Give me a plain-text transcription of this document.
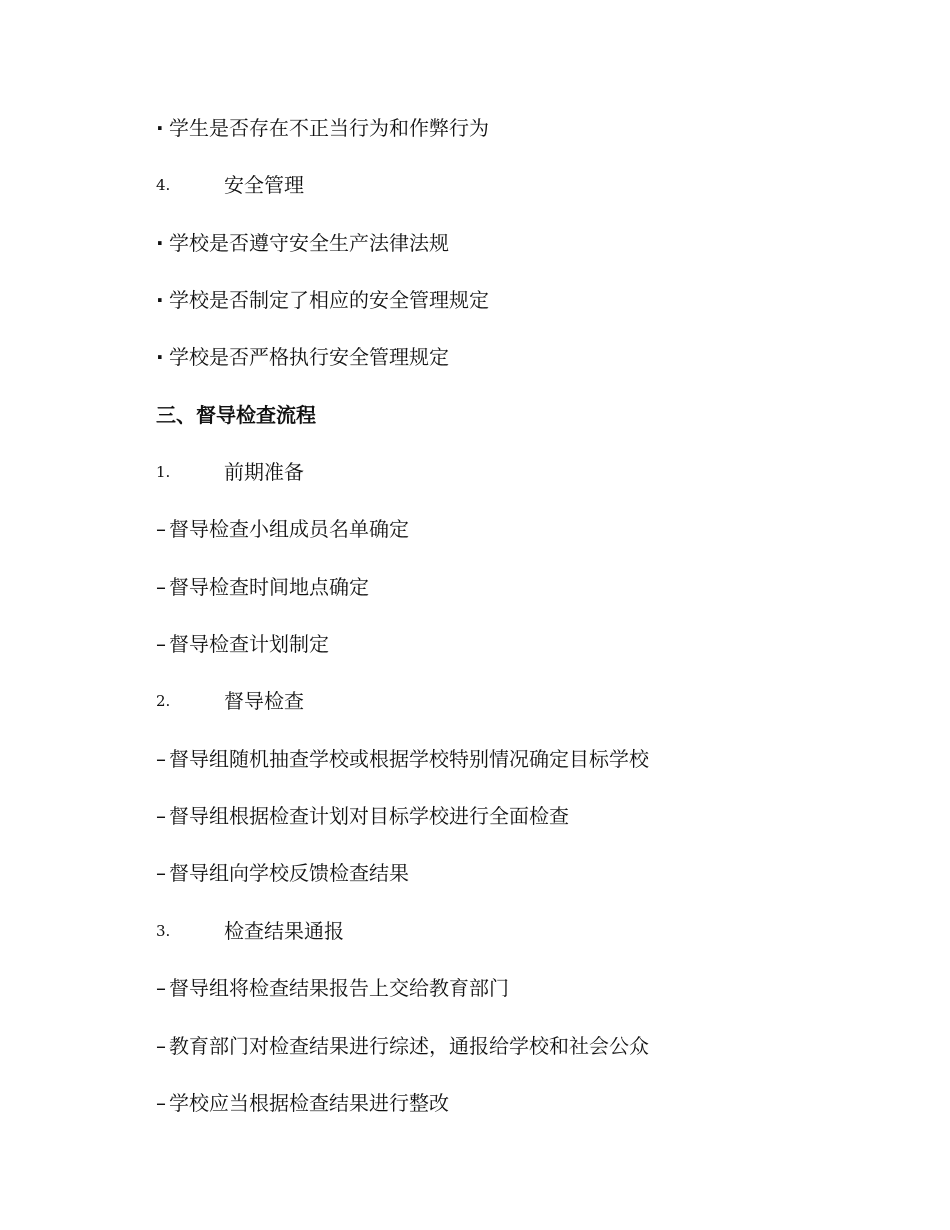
· 学生是否存在不正当行为和作弊行为
4.	安全管理
· 学校是否遵守安全生产法律法规
· 学校是否制定了相应的安全管理规定
· 学校是否严格执行安全管理规定
三、督导检查流程
1.	前期准备
– 督导检查小组成员名单确定
– 督导检查时间地点确定
– 督导检查计划制定
2.	督导检查
– 督导组随机抽查学校或根据学校特别情况确定目标学校
– 督导组根据检查计划对目标学校进行全面检查
– 督导组向学校反馈检查结果
3.	检查结果通报
– 督导组将检查结果报告上交给教育部门
– 教育部门对检查结果进行综述，通报给学校和社会公众
– 学校应当根据检查结果进行整改
